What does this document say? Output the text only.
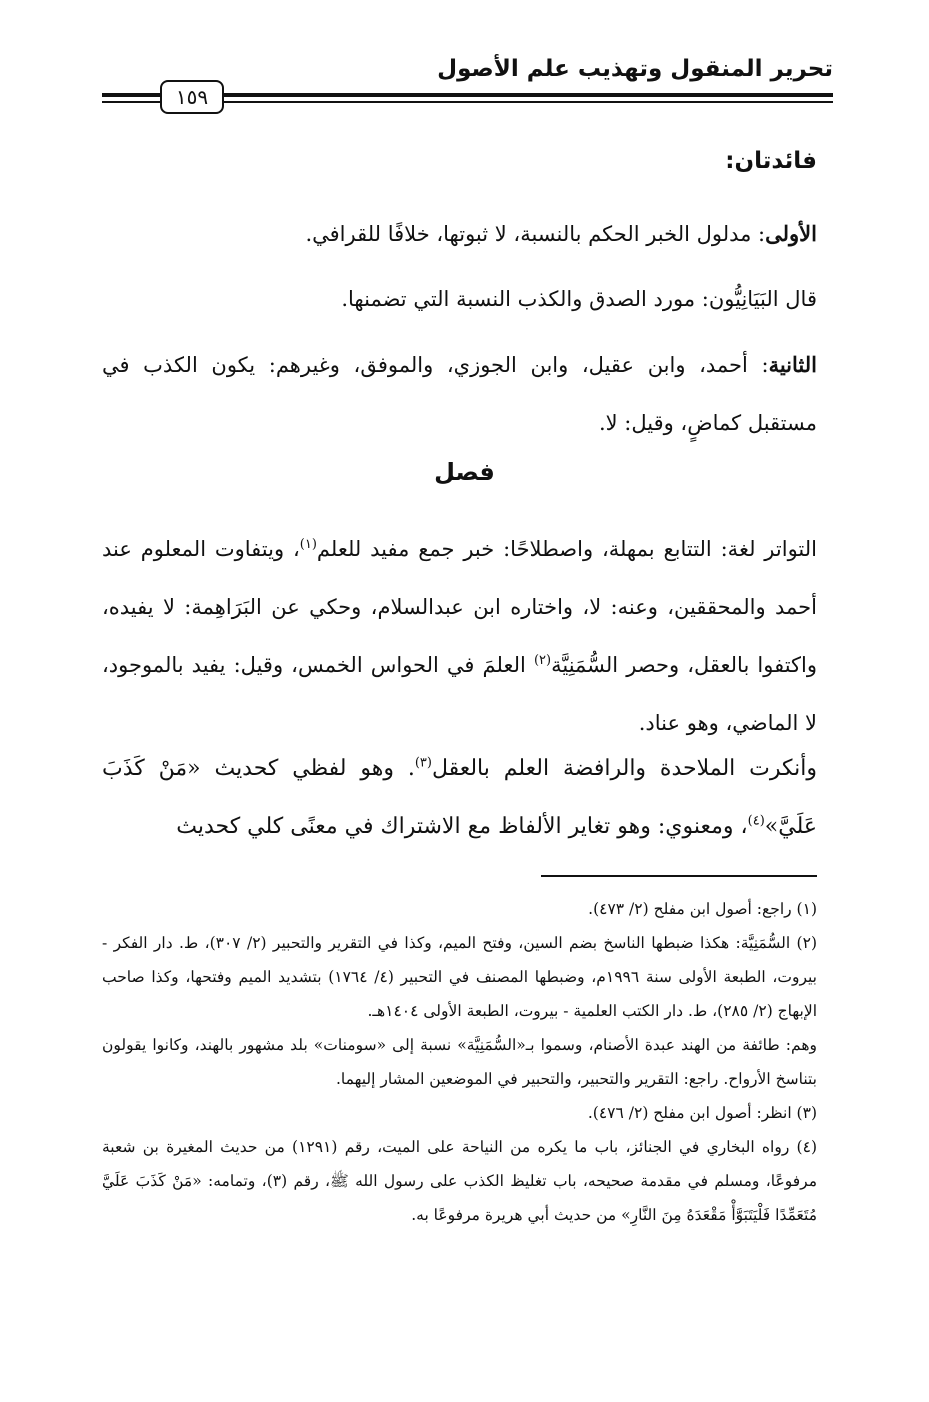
تحرير المنقول وتهذيب علم الأصول
١٥٩
فائدتان:
الأولى: مدلول الخبر الحكم بالنسبة، لا ثبوتها، خلافًا للقرافي.
قال البَيَانِيُّون: مورد الصدق والكذب النسبة التي تضمنها.
الثانية: أحمد، وابن عقيل، وابن الجوزي، والموفق، وغيرهم: يكون الكذب في مستقبل كماضٍ، وقيل: لا.
فصل
التواتر لغة: التتابع بمهلة، واصطلاحًا: خبر جمع مفيد للعلم$^{(١)}$، ويتفاوت المعلوم عند أحمد والمحققين، وعنه: لا، واختاره ابن عبدالسلام، وحكي عن البَرَاهِمة: لا يفيده، واكتفوا بالعقل، وحصر السُّمَنِيَّة$^{(٢)}$ العلمَ في الحواس الخمس، وقيل: يفيد بالموجود، لا الماضي، وهو عناد.
وأنكرت الملاحدة والرافضة العلم بالعقل$^{(٣)}$. وهو لفظي كحديث «مَنْ كَذَبَ عَلَيَّ»$^{(٤)}$، ومعنوي: وهو تغاير الألفاظ مع الاشتراك في معنًى كلي كحديث

(١) راجع: أصول ابن مفلح (٢/ ٤٧٣).

(٢) السُّمَنِيَّة: هكذا ضبطها الناسخ بضم السين، وفتح الميم، وكذا في التقرير والتحبير (٢/ ٣٠٧)، ط. دار الفكر - بيروت، الطبعة الأولى سنة ١٩٩٦م، وضبطها المصنف في التحبير (٤/ ١٧٦٤) بتشديد الميم وفتحها، وكذا صاحب الإبهاج (٢/ ٢٨٥)، ط. دار الكتب العلمية - بيروت، الطبعة الأولى ١٤٠٤هـ.

وهم: طائفة من الهند عبدة الأصنام، وسموا بـ«السُّمَنِيَّة» نسبة إلى «سومنات» بلد مشهور بالهند، وكانوا يقولون بتناسخ الأرواح. راجع: التقرير والتحبير، والتحبير في الموضعين المشار إليهما.

(٣) انظر: أصول ابن مفلح (٢/ ٤٧٦).

(٤) رواه البخاري في الجنائز، باب ما يكره من النياحة على الميت، رقم (١٢٩١) من حديث المغيرة بن شعبة مرفوعًا، ومسلم في مقدمة صحيحه، باب تغليظ الكذب على رسول الله ﷺ، رقم (٣)، وتمامه: «مَنْ كَذَبَ عَلَيَّ مُتَعَمِّدًا فَلْيَتَبَوَّأْ مَقْعَدَهُ مِنَ النَّارِ» من حديث أبي هريرة مرفوعًا به.
